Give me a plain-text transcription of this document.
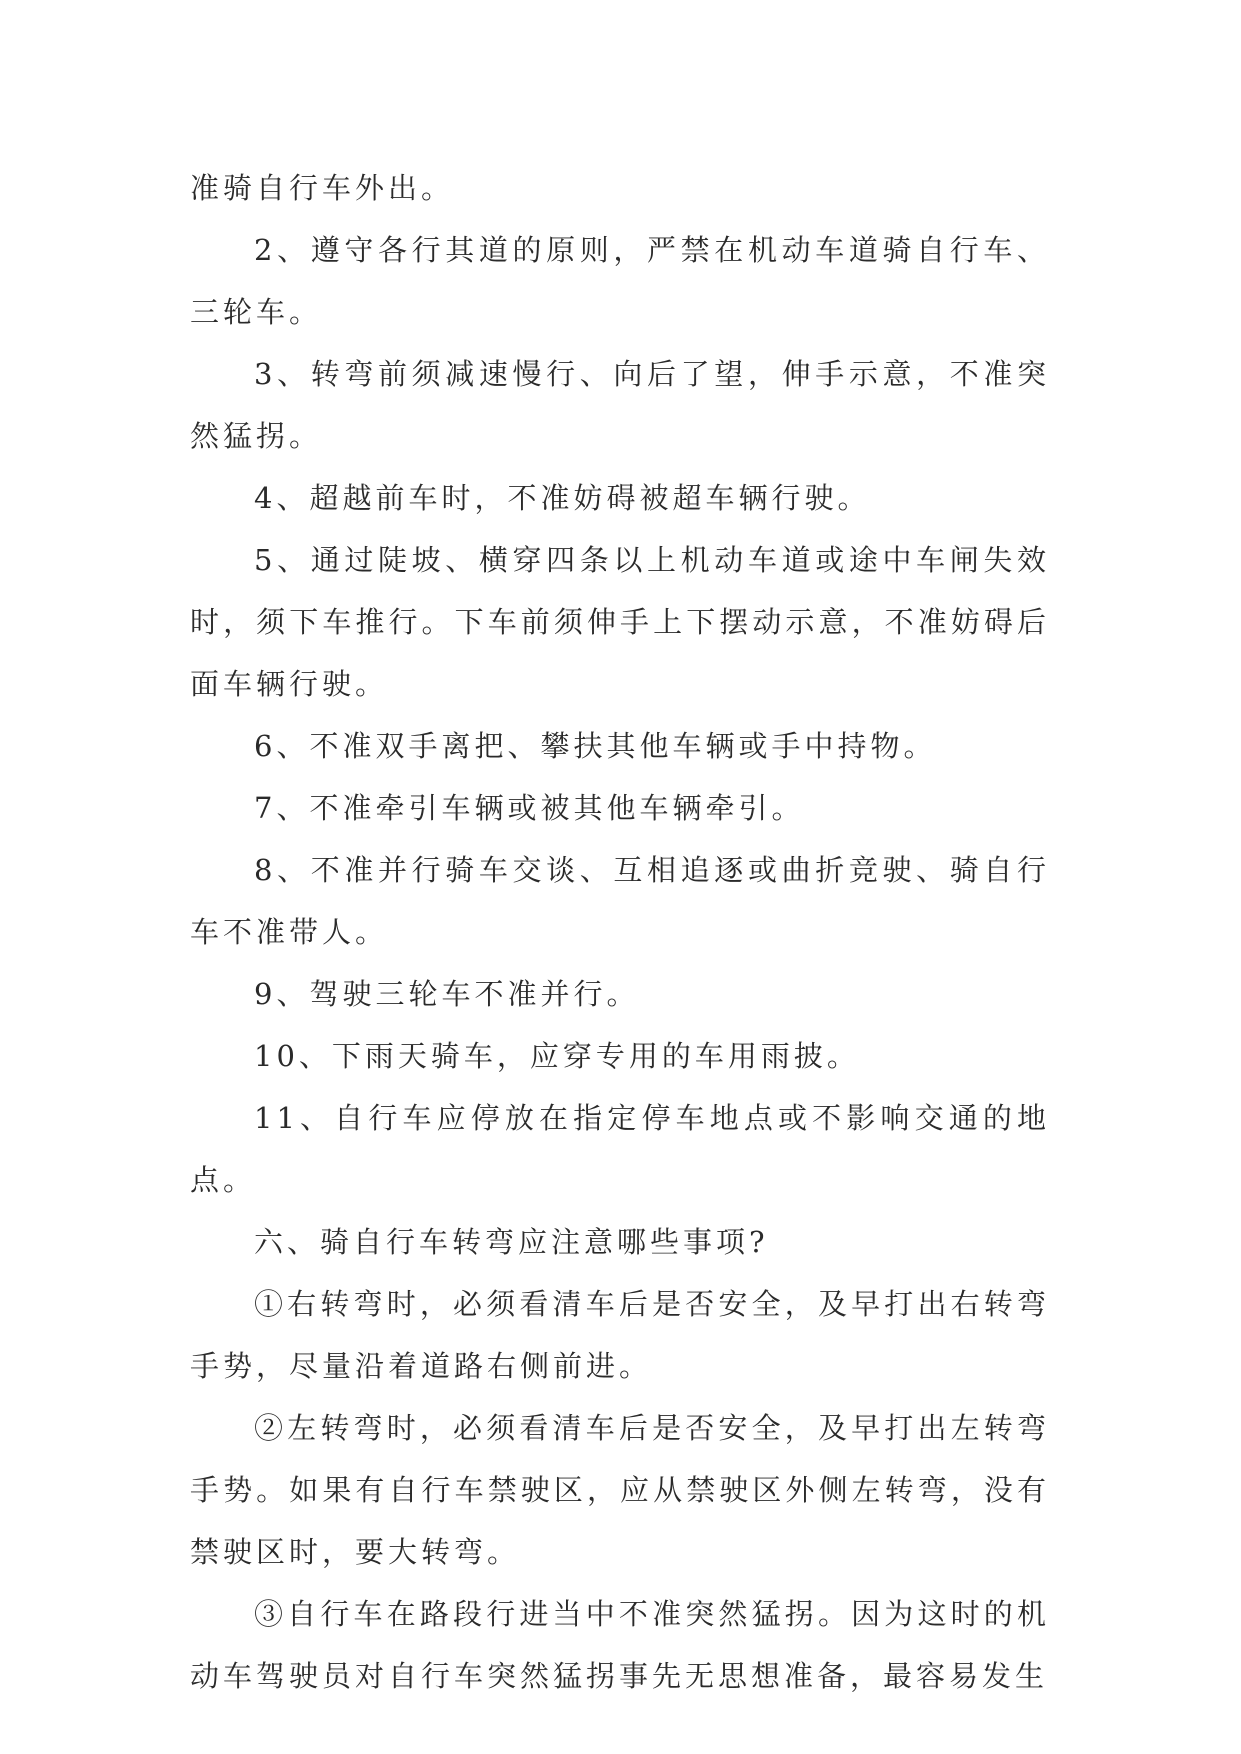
准骑自行车外出。

2、遵守各行其道的原则，严禁在机动车道骑自行车、三轮车。

3、转弯前须减速慢行、向后了望，伸手示意，不准突然猛拐。

4、超越前车时，不准妨碍被超车辆行驶。

5、通过陡坡、横穿四条以上机动车道或途中车闸失效时，须下车推行。下车前须伸手上下摆动示意，不准妨碍后面车辆行驶。

6、不准双手离把、攀扶其他车辆或手中持物。

7、不准牵引车辆或被其他车辆牵引。

8、不准并行骑车交谈、互相追逐或曲折竞驶、骑自行车不准带人。

9、驾驶三轮车不准并行。

10、下雨天骑车，应穿专用的车用雨披。

11、自行车应停放在指定停车地点或不影响交通的地点。

六、骑自行车转弯应注意哪些事项?

①右转弯时，必须看清车后是否安全，及早打出右转弯手势，尽量沿着道路右侧前进。

②左转弯时，必须看清车后是否安全，及早打出左转弯手势。如果有自行车禁驶区，应从禁驶区外侧左转弯，没有禁驶区时，要大转弯。

③自行车在路段行进当中不准突然猛拐。因为这时的机动车驾驶员对自行车突然猛拐事先无思想准备，最容易发生
